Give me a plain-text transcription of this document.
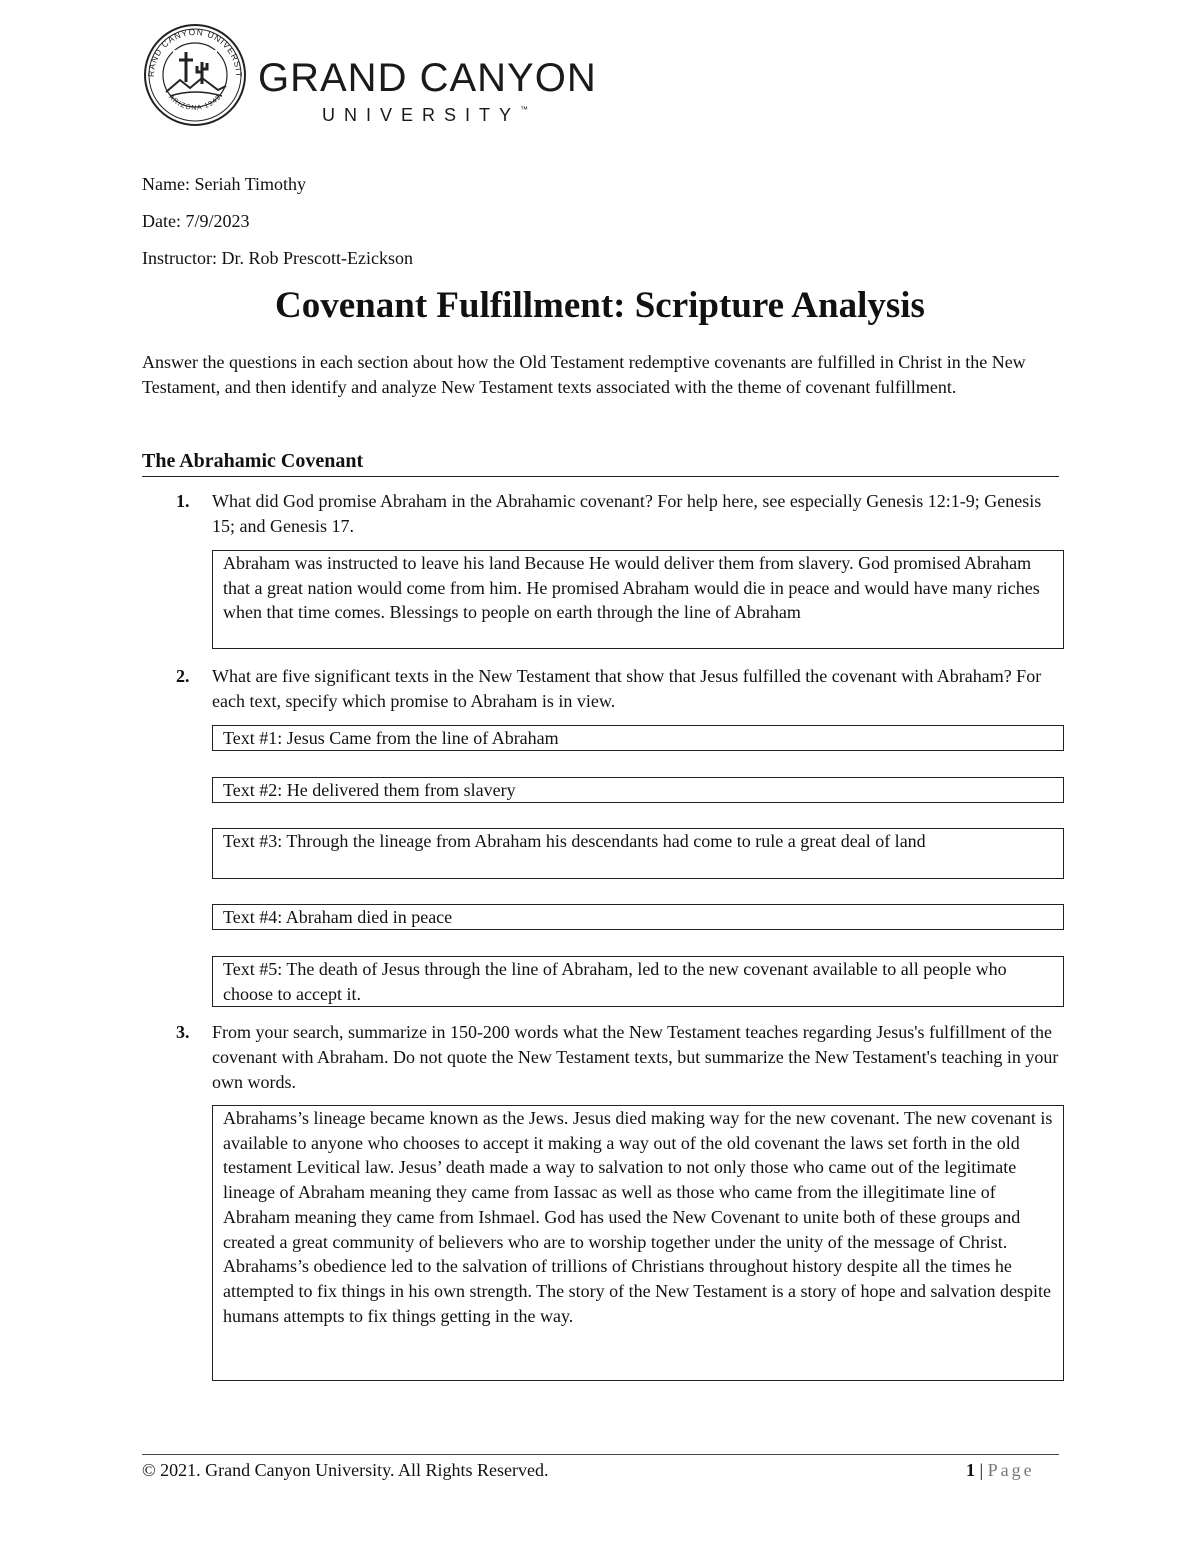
RAND CANYON UNIVERSIT
ARIZONA 1949 GRAND CANYON
UNIVERSITY™
Name: Seriah Timothy
Date: 7/9/2023
Instructor: Dr. Rob Prescott-Ezickson
Covenant Fulfillment: Scripture Analysis
Answer the questions in each section about how the Old Testament redemptive covenants are fulfilled in Christ in the New Testament, and then identify and analyze New Testament texts associated with the theme of covenant fulfillment.
The Abrahamic Covenant
1. What did God promise Abraham in the Abrahamic covenant? For help here, see especially Genesis 12:1-9; Genesis 15; and Genesis 17.
Abraham was instructed to leave his land Because He would deliver them from slavery. God promised Abraham that a great nation would come from him. He promised Abraham would die in peace and would have many riches when that time comes. Blessings to people on earth through the line of Abraham
2. What are five significant texts in the New Testament that show that Jesus fulfilled the covenant with Abraham? For each text, specify which promise to Abraham is in view.
Text #1: Jesus Came from the line of Abraham
Text #2: He delivered them from slavery
Text #3: Through the lineage from Abraham his descendants had come to rule a great deal of land
Text #4: Abraham died in peace
Text #5: The death of Jesus through the line of Abraham, led to the new covenant available to all people who choose to accept it.
3. From your search, summarize in 150-200 words what the New Testament teaches regarding Jesus's fulfillment of the covenant with Abraham. Do not quote the New Testament texts, but summarize the New Testament's teaching in your own words.
Abrahams’s lineage became known as the Jews. Jesus died making way for the new covenant. The new covenant is available to anyone who chooses to accept it making a way out of the old covenant the laws set forth in the old testament Levitical law. Jesus’ death made a way to salvation to not only those who came out of the legitimate lineage of Abraham meaning they came from Iassac as well as those who came from the illegitimate line of Abraham meaning they came from Ishmael. God has used the New Covenant to unite both of these groups and created a great community of believers who are to worship together under the unity of the message of Christ. Abrahams’s obedience led to the salvation of trillions of Christians throughout history despite all the times he attempted to fix things in his own strength. The story of the New Testament is a story of hope and salvation despite humans attempts to fix things getting in the way.
© 2021. Grand Canyon University. All Rights Reserved.	1 | Page
